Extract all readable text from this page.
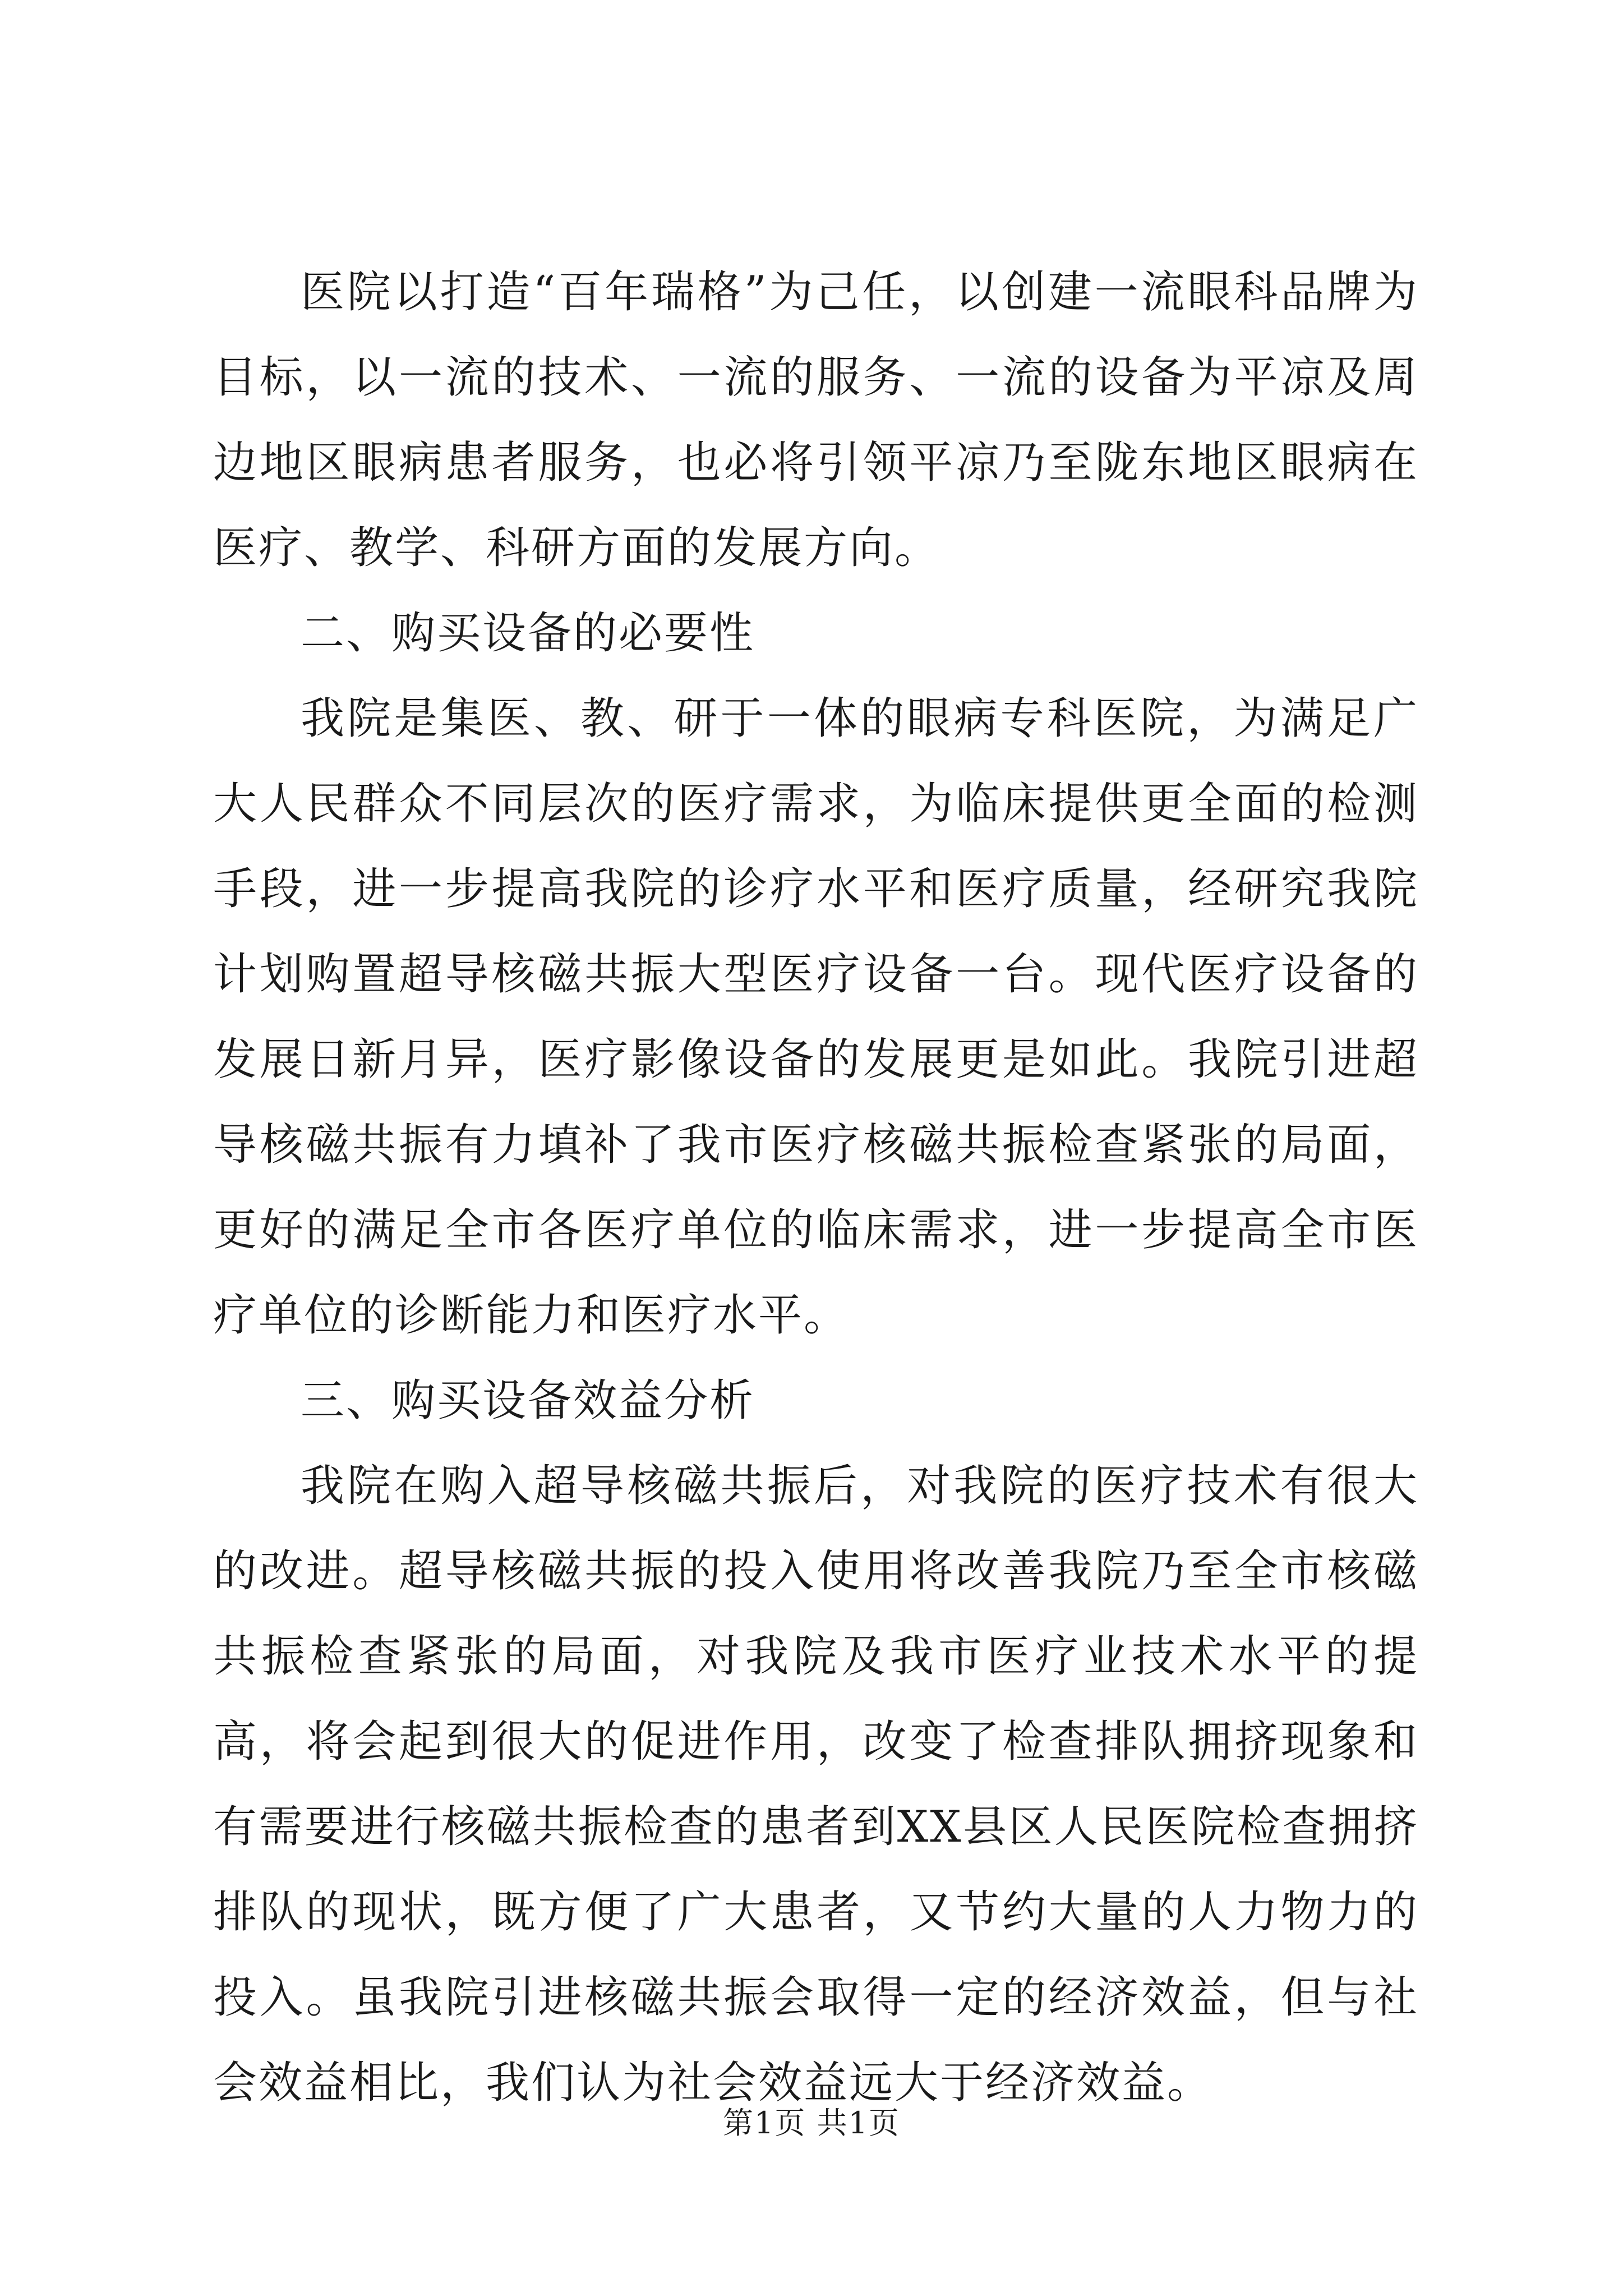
医院以打造“百年瑞格”为己任，以创建一流眼科品牌为目标，以一流的技术、一流的服务、一流的设备为平凉及周边地区眼病患者服务，也必将引领平凉乃至陇东地区眼病在医疗、教学、科研方面的发展方向。

二、购买设备的必要性

我院是集医、教、研于一体的眼病专科医院，为满足广大人民群众不同层次的医疗需求，为临床提供更全面的检测手段，进一步提高我院的诊疗水平和医疗质量，经研究我院计划购置超导核磁共振大型医疗设备一台。现代医疗设备的发展日新月异，医疗影像设备的发展更是如此。我院引进超导核磁共振有力填补了我市医疗核磁共振检查紧张的局面，更好的满足全市各医疗单位的临床需求，进一步提高全市医疗单位的诊断能力和医疗水平。

三、购买设备效益分析

我院在购入超导核磁共振后，对我院的医疗技术有很大的改进。超导核磁共振的投入使用将改善我院乃至全市核磁共振检查紧张的局面，对我院及我市医疗业技术水平的提高，将会起到很大的促进作用，改变了检查排队拥挤现象和有需要进行核磁共振检查的患者到XX县区人民医院检查拥挤排队的现状，既方便了广大患者，又节约大量的人力物力的投入。虽我院引进核磁共振会取得一定的经济效益，但与社会效益相比，我们认为社会效益远大于经济效益。

第1页 共1页
